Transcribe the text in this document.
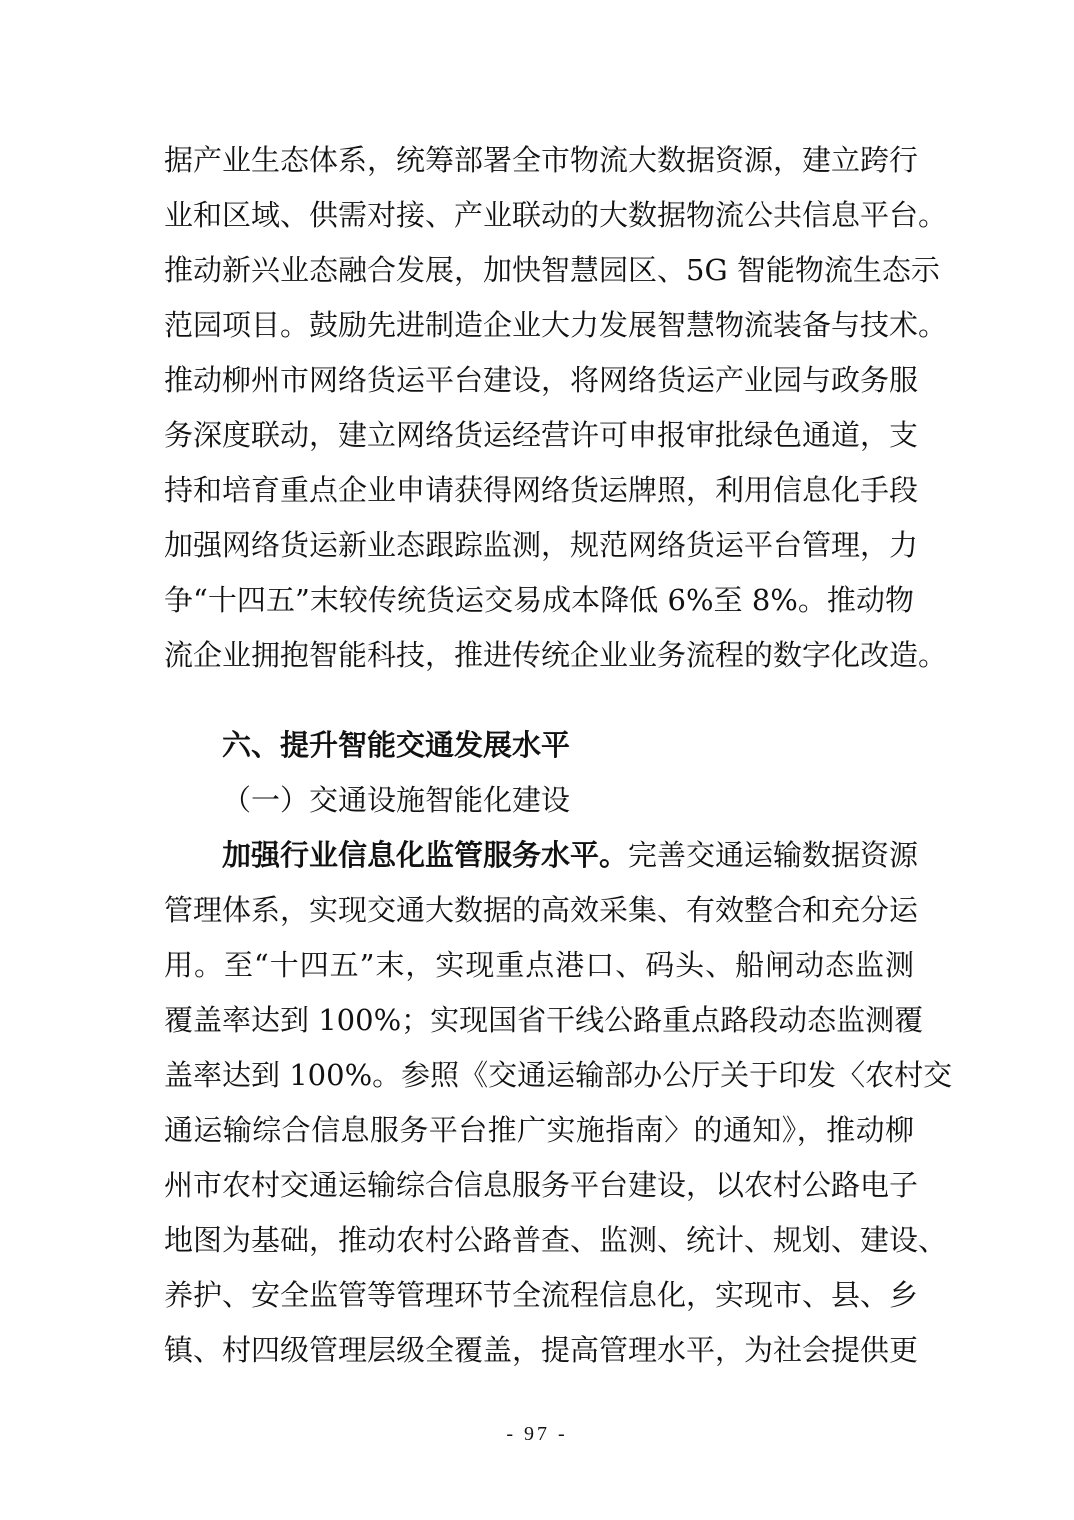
据产业生态体系，统筹部署全市物流大数据资源，建立跨行
业和区域、供需对接、产业联动的大数据物流公共信息平台。
推动新兴业态融合发展，加快智慧园区、5G 智能物流生态示
范园项目。鼓励先进制造企业大力发展智慧物流装备与技术。
推动柳州市网络货运平台建设，将网络货运产业园与政务服
务深度联动，建立网络货运经营许可申报审批绿色通道，支
持和培育重点企业申请获得网络货运牌照，利用信息化手段
加强网络货运新业态跟踪监测，规范网络货运平台管理，力
争“十四五”末较传统货运交易成本降低 6%至 8%。推动物
流企业拥抱智能科技，推进传统企业业务流程的数字化改造。
六、提升智能交通发展水平
（一）交通设施智能化建设
加强行业信息化监管服务水平。完善交通运输数据资源
管理体系，实现交通大数据的高效采集、有效整合和充分运
用。至“十四五”末，实现重点港口、码头、船闸动态监测
覆盖率达到 100%；实现国省干线公路重点路段动态监测覆
盖率达到 100%。参照《交通运输部办公厅关于印发〈农村交
通运输综合信息服务平台推广实施指南〉的通知》，推动柳
州市农村交通运输综合信息服务平台建设，以农村公路电子
地图为基础，推动农村公路普查、监测、统计、规划、建设、
养护、安全监管等管理环节全流程信息化，实现市、县、乡
镇、村四级管理层级全覆盖，提高管理水平，为社会提供更
- 97 -
